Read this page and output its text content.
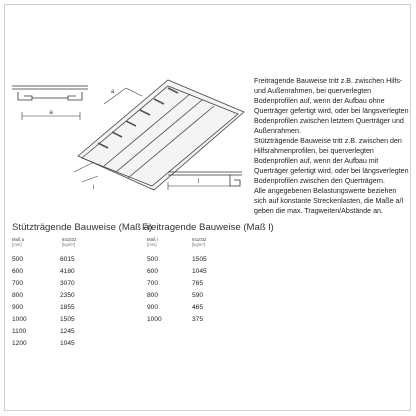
a
a
l
l

Freitragende Bauweise tritt z.B. zwischen Hilfs- und Außenrahmen, bei querverlegten Bodenprofilen auf, wenn der Aufbau ohne Querträger gefertigt wird, oder bei längsverlegten Bodenprofilen zwischen letztem Querträger und Außenrahmen.

Stützträgende Bauweise tritt z.B. zwischen den Hilfsrahmenprofilen, bei querverlegten Bodenprofilen auf, wenn der Aufbau mit Querträger gefertigt wird, oder bei längsverlegten Bodenprofilen zwischen den Querträgern.

Alle angegebenen Belastungswerte beziehen sich auf konstante Streckenlasten, die Maße a/l geben die max. Tragweiten/Abstände an.

Stützträgende Bauweise (Maß a)
Maß a
[mm]
641032
[kg/m²]
500	6015
600	4180
700	3070
800	2350
900	1855
1000	1505
1100	1245
1200	1045
Freitragende Bauweise (Maß l)
Maß l
[mm]
641032
[kg/m²]
500	1505
600	1045
700	765
800	590
900	465
1000	375
